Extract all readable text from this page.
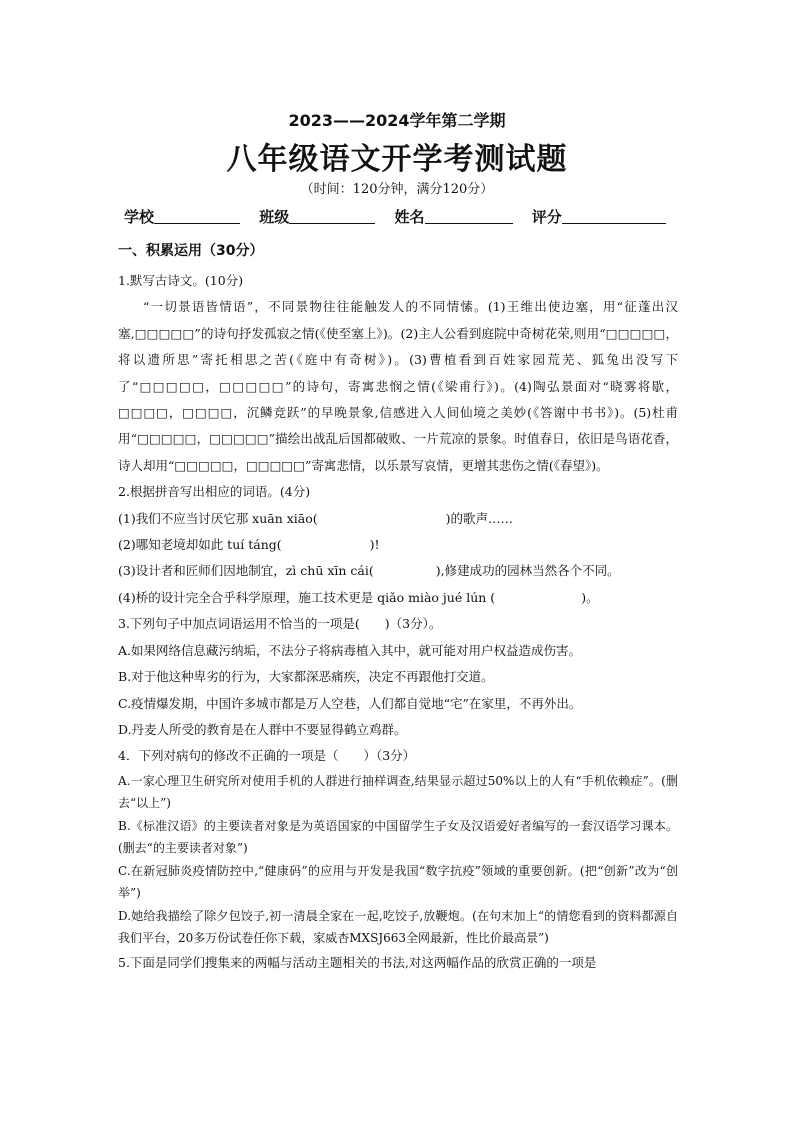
2023——2024学年第二学期
八年级语文开学考测试题
（时间：120分钟，满分120分）
学校	班级	姓名	评分
一、积累运用（30分）

1.默写古诗文。(10分)

“一切景语皆情语”，不同景物往往能触发人的不同情愫。(1)王维出使边塞，用“征蓬出汉塞,□□□□□”的诗句抒发孤寂之情(《使至塞上》)。(2)主人公看到庭院中奇树花荣,则用“□□□□□，将以遗所思”寄托相思之苦(《庭中有奇树》)。(3)曹植看到百姓家园荒芜、狐兔出没写下了“□□□□□，□□□□□”的诗句，寄寓悲悯之情(《梁甫行》)。(4)陶弘景面对“晓雾将歇，□□□□，□□□□，沉鳞竞跃”的早晚景象,信感进入人间仙境之美妙(《答谢中书书》)。(5)杜甫用“□□□□□，□□□□□”描绘出战乱后国都破败、一片荒凉的景象。时值春日，依旧是鸟语花香，诗人却用“□□□□□，□□□□□”寄寓悲情，以乐景写哀情，更增其悲伤之情(《春望》)。

2.根据拼音写出相应的词语。(4分)

(1)我们不应当讨厌它那 xuān xiāo(	)的歌声……

(2)哪知老境却如此 tuí táng(	)!

(3)设计者和匠师们因地制宜，zì chū xīn cái(	),修建成功的园林当然各个不同。

(4)桥的设计完全合乎科学原理，施工技术更是 qiǎo miào jué lún (	)。

3.下列句子中加点词语运用不恰当的一项是(　　)（3分）。

A.如果网络信息藏污纳垢，不法分子将病毒植入其中，就可能对用户权益造成伤害。

B.对于他这种卑劣的行为，大家都深恶痛疾，决定不再跟他打交道。

C.疫情爆发期，中国许多城市都是万人空巷，人们都自觉地“宅”在家里，不再外出。

D.丹麦人所受的教育是在人群中不要显得鹤立鸡群。

4．下列对病句的修改不正确的一项是（　　）（3分）

A.一家心理卫生研究所对使用手机的人群进行抽样调查,结果显示超过50%以上的人有“手机依赖症”。(删去“以上”)

B.《标准汉语》的主要读者对象是为英语国家的中国留学生子女及汉语爱好者编写的一套汉语学习课本。(删去“的主要读者对象”)

C.在新冠肺炎疫情防控中,“健康码”的应用与开发是我国“数字抗疫”领域的重要创新。(把“创新”改为“创举”)

D.她给我描绘了除夕包饺子,初一清晨全家在一起,吃饺子,放鞭炮。(在句末加上“的情您看到的资料都源自我们平台，20多万份试卷任你下载，家威杏MXSJ663全网最新，性比价最高景”)

5.下面是同学们搜集来的两幅与活动主题相关的书法,对这两幅作品的欣赏正确的一项是
